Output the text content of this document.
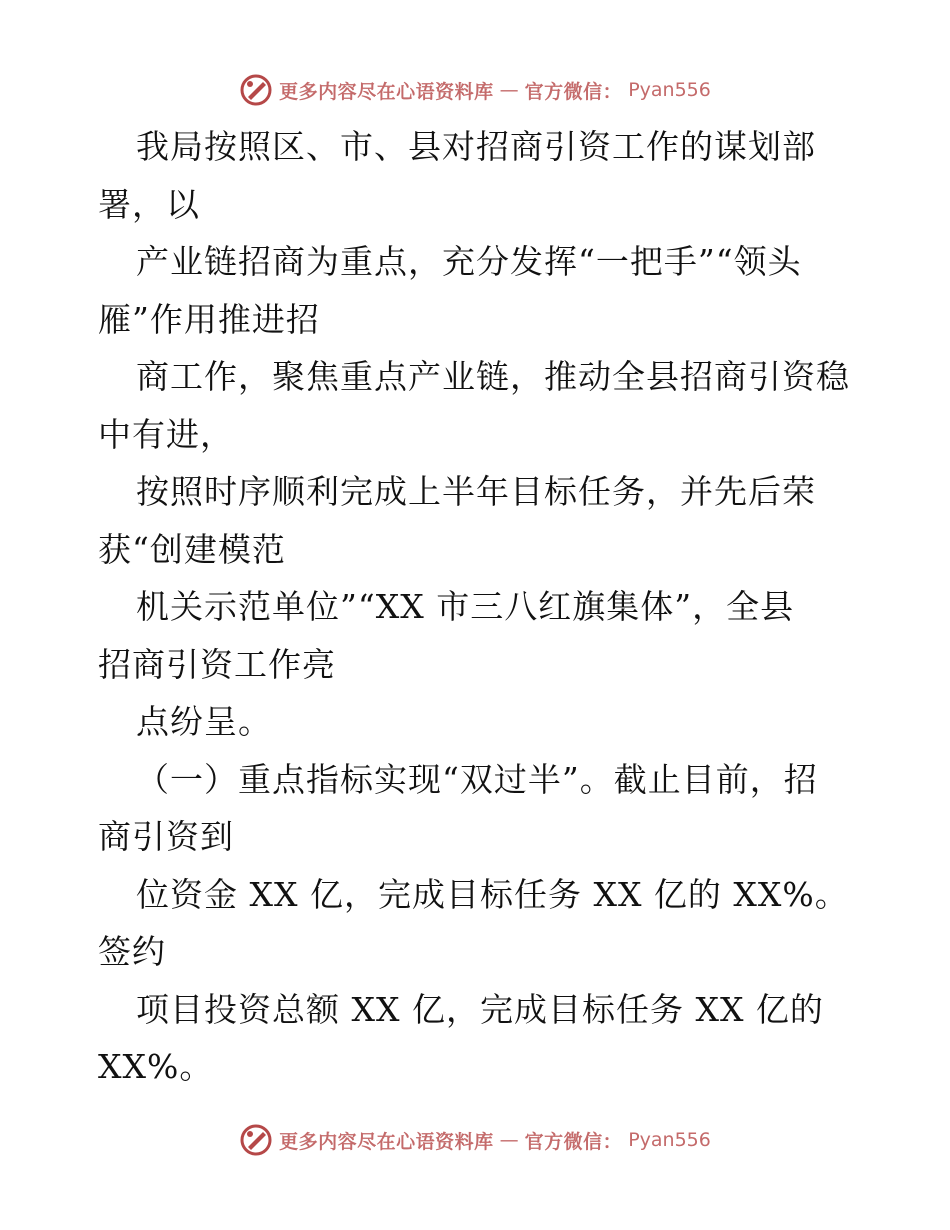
更多内容尽在心语资料库 — 官方微信： Pyan556
我局按照区、市、县对招商引资工作的谋划部
署，以
产业链招商为重点，充分发挥“一把手”“领头
雁”作用推进招
商工作，聚焦重点产业链，推动全县招商引资稳
中有进，
按照时序顺利完成上半年目标任务，并先后荣
获“创建模范
机关示范单位”“XX 市三八红旗集体”，全县
招商引资工作亮
点纷呈。
（一）重点指标实现“双过半”。截止目前，招
商引资到
位资金 XX 亿，完成目标任务 XX 亿的 XX%。
签约
项目投资总额 XX 亿，完成目标任务 XX 亿的
XX%。
更多内容尽在心语资料库 — 官方微信： Pyan556
